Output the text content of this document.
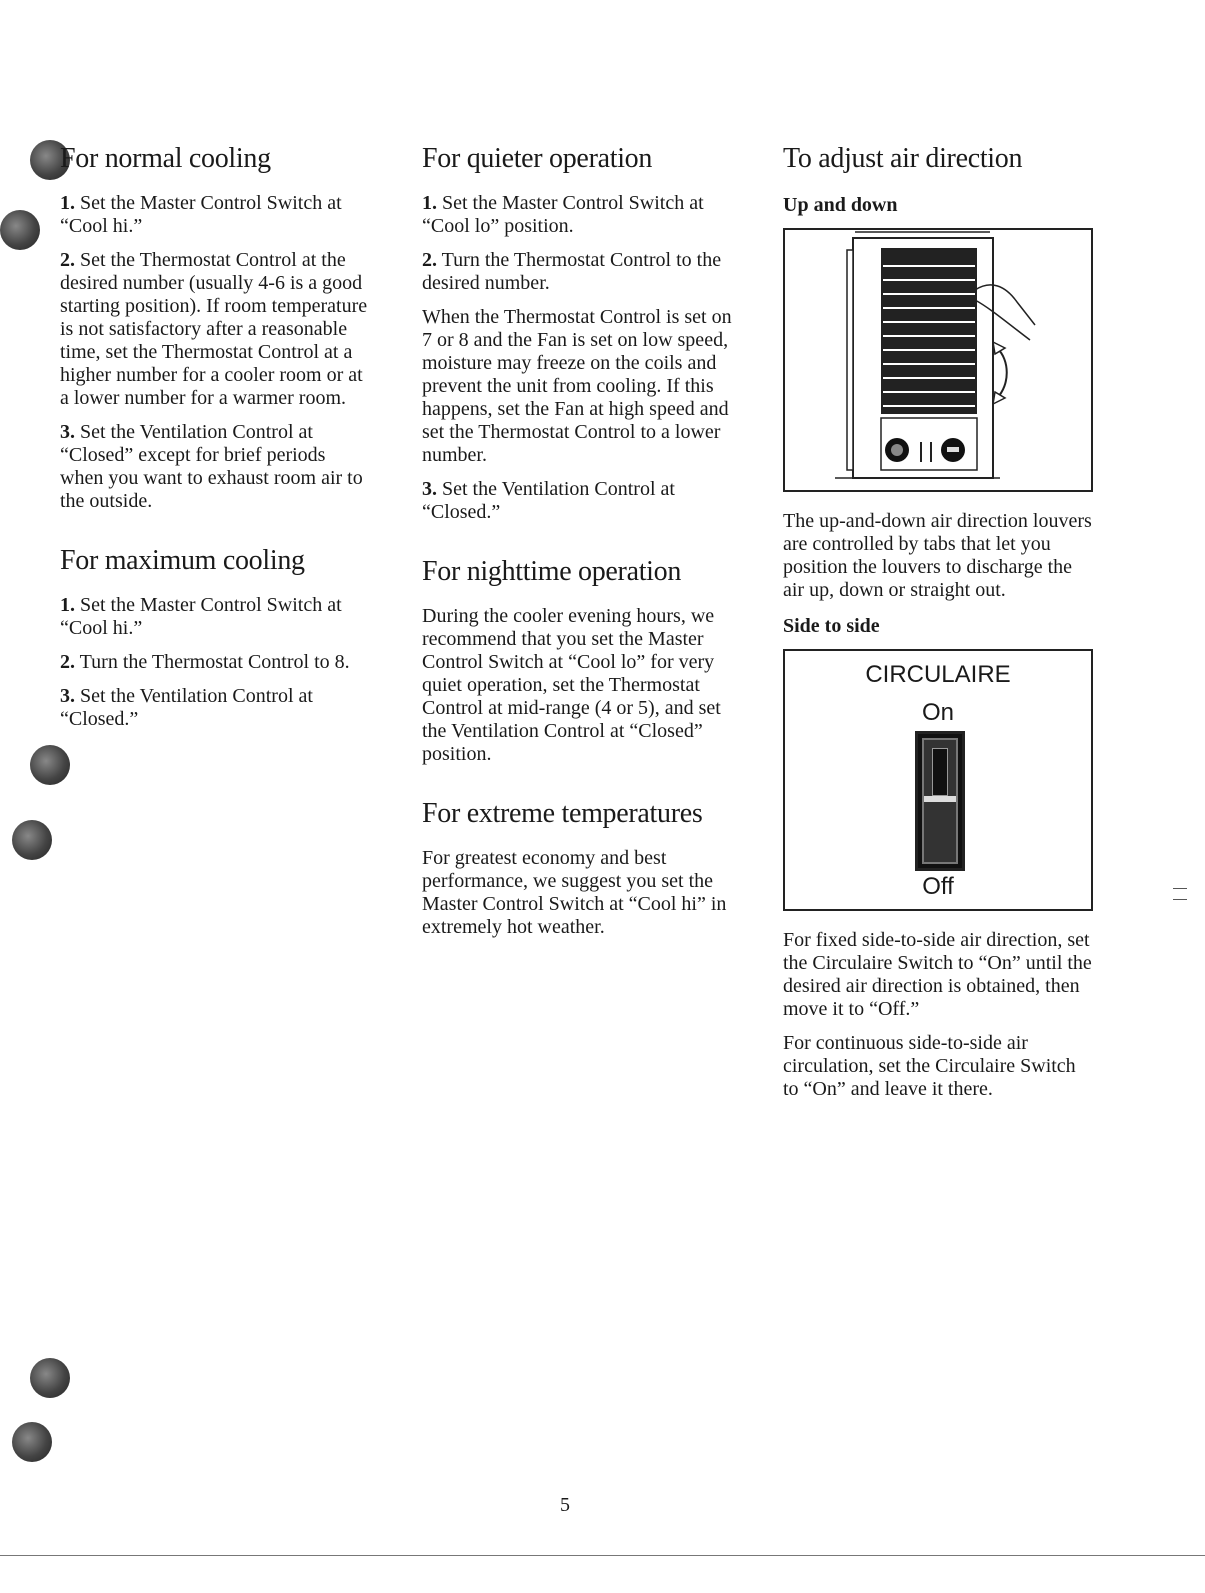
For normal cooling

1. Set the Master Control Switch at “Cool hi.”

2. Set the Thermostat Control at the desired number (usually 4-6 is a good starting position). If room temperature is not satisfactory after a reasonable time, set the Thermostat Control at a higher number for a cooler room or at a lower number for a warmer room.

3. Set the Ventilation Control at “Closed” except for brief periods when you want to exhaust room air to the outside.

For maximum cooling

1. Set the Master Control Switch at “Cool hi.”

2. Turn the Thermostat Control to 8.

3. Set the Ventilation Control at “Closed.”

For quieter operation

1. Set the Master Control Switch at “Cool lo” position.

2. Turn the Thermostat Control to the desired number.

When the Thermostat Control is set on 7 or 8 and the Fan is set on low speed, moisture may freeze on the coils and prevent the unit from cooling. If this happens, set the Fan at high speed and set the Thermostat Control to a lower number.

3. Set the Ventilation Control at “Closed.”

For nighttime operation

During the cooler evening hours, we recommend that you set the Master Control Switch at “Cool lo” for very quiet operation, set the Thermostat Control at mid-range (4 or 5), and set the Ventilation Control at “Closed” position.

For extreme temperatures

For greatest economy and best performance, we suggest you set the Master Control Switch at “Cool hi” in extremely hot weather.

To adjust air direction
Up and down

The up-and-down air direction louvers are controlled by tabs that let you position the louvers to discharge the air up, down or straight out.

Side to side
CIRCULAIRE
On
Off

For fixed side-to-side air direction, set the Circulaire Switch to “On” until the desired air direction is obtained, then move it to “Off.”

For continuous side-to-side air circulation, set the Circulaire Switch to “On” and leave it there.

5
